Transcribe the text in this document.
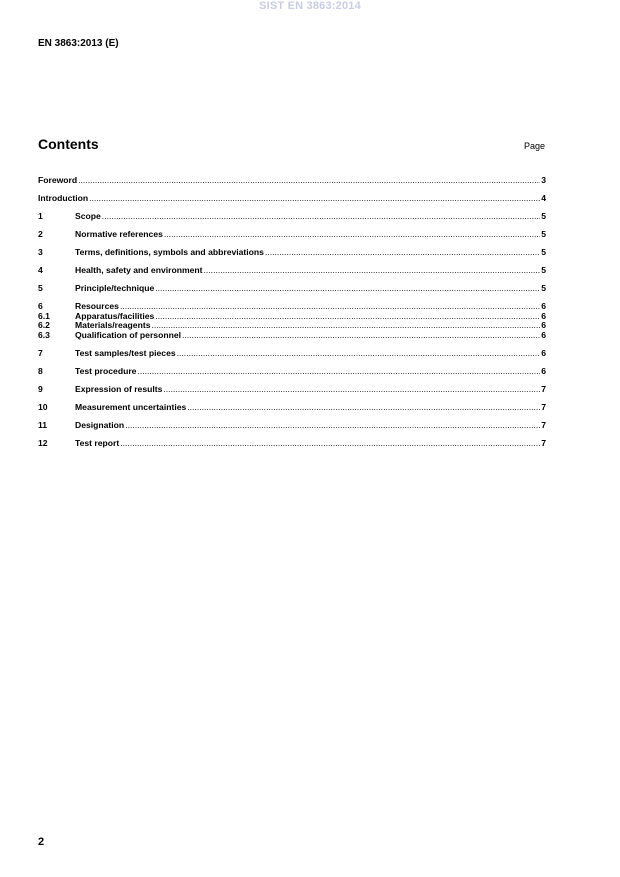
SIST EN 3863:2014
EN 3863:2013 (E)
Contents	Page
Foreword .....	3
Introduction .....	4
1	Scope .....	5
2	Normative references .....	5
3	Terms, definitions, symbols and abbreviations .....	5
4	Health, safety and environment .....	5
5	Principle/technique .....	5
6	Resources .....	6
6.1	Apparatus/facilities .....	6
6.2	Materials/reagents .....	6
6.3	Qualification of personnel .....	6
7	Test samples/test pieces .....	6
8	Test procedure .....	6
9	Expression of results .....	7
10	Measurement uncertainties .....	7
11	Designation .....	7
12	Test report .....	7
2
